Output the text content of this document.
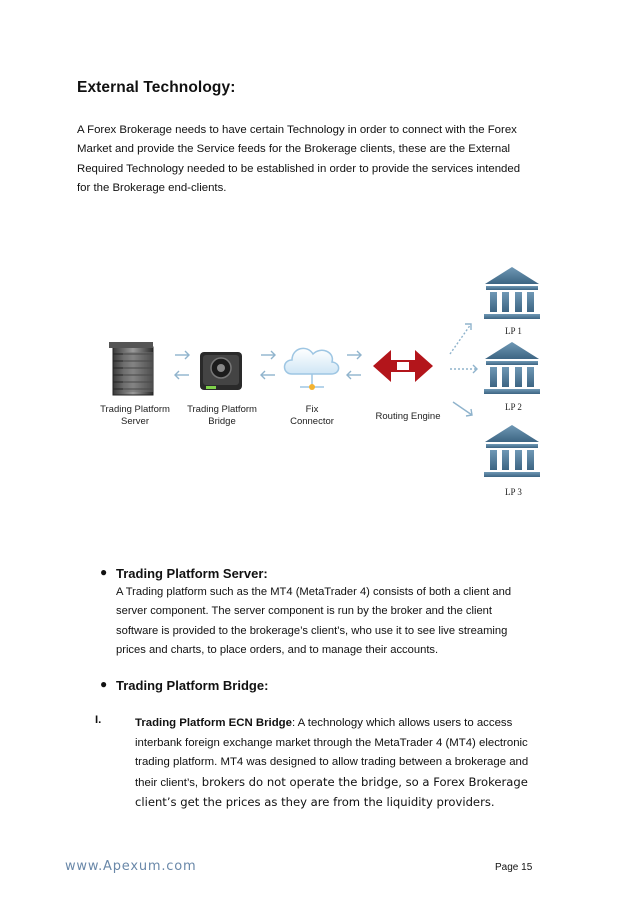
External Technology:
A Forex Brokerage needs to have certain Technology in order to connect with the Forex
Market and provide the Service feeds for the Brokerage clients, these are the External
Required Technology needed to be established in order to provide the services intended
for the Brokerage end-clients.
Trading Platform
Server
Trading Platform
Bridge
Fix
Connector	Routing Engine
LP 1
LP 2
LP 3
● Trading Platform Server:
A Trading platform such as the MT4 (MetaTrader 4) consists of both a client and
server component. The server component is run by the broker and the client
software is provided to the brokerage’s client’s, who use it to see live streaming
prices and charts, to place orders, and to manage their accounts.
● Trading Platform Bridge:
I.	Trading Platform ECN Bridge: A technology which allows users to access
interbank foreign exchange market through the MetaTrader 4 (MT4) electronic
trading platform. MT4 was designed to allow trading between a brokerage and
their client’s, brokers do not operate the bridge, so a Forex Brokerage
client’s get the prices as they are from the liquidity providers.
www.Apexum.com	Page 15
